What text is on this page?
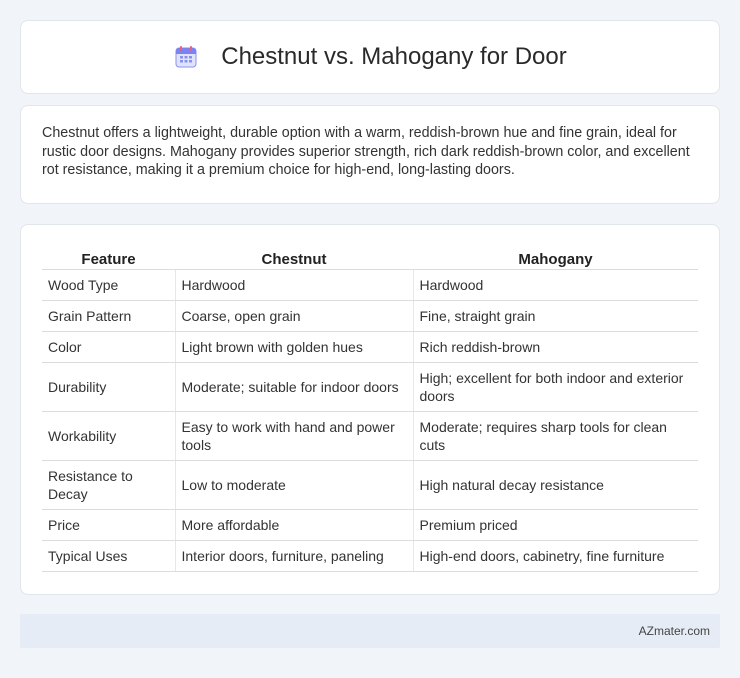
Chestnut vs. Mahogany for Door

Chestnut offers a lightweight, durable option with a warm, reddish-brown hue and fine grain, ideal for rustic door designs. Mahogany provides superior strength, rich dark reddish-brown color, and excellent rot resistance, making it a premium choice for high-end, long-lasting doors.

Feature	Chestnut	Mahogany
Wood Type	Hardwood	Hardwood
Grain Pattern	Coarse, open grain	Fine, straight grain
Color	Light brown with golden hues	Rich reddish-brown
Durability	Moderate; suitable for indoor doors	High; excellent for both indoor and exterior doors
Workability	Easy to work with hand and power tools	Moderate; requires sharp tools for clean cuts
Resistance to Decay	Low to moderate	High natural decay resistance
Price	More affordable	Premium priced
Typical Uses	Interior doors, furniture, paneling	High-end doors, cabinetry, fine furniture
AZmater.com
